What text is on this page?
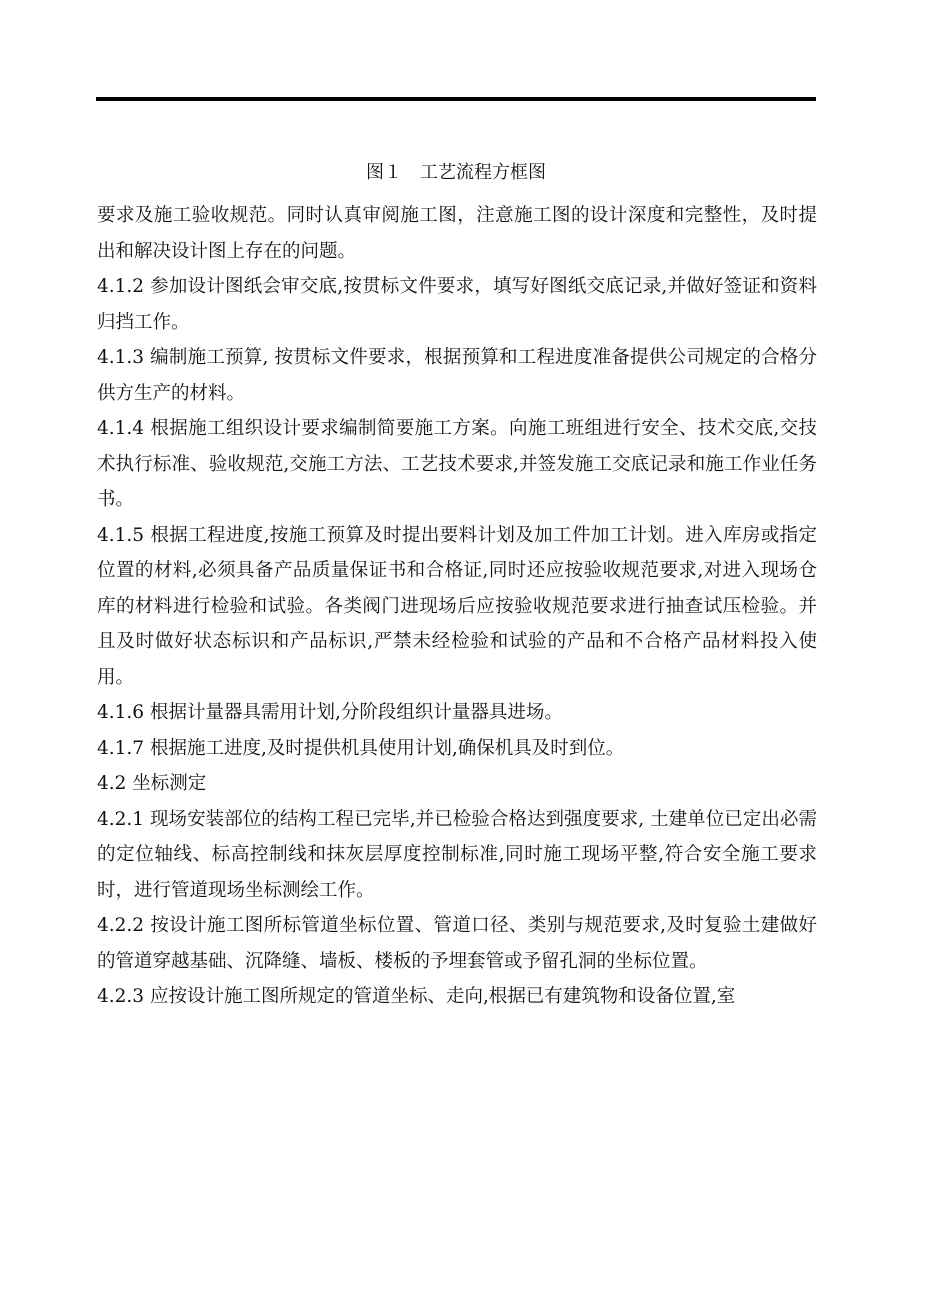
图１　工艺流程方框图

要求及施工验收规范。同时认真审阅施工图，注意施工图的设计深度和完整性，及时提出和解决设计图上存在的问题。

4.1.2 参加设计图纸会审交底,按贯标文件要求，填写好图纸交底记录,并做好签证和资料归挡工作。

4.1.3 编制施工预算, 按贯标文件要求，根据预算和工程进度准备提供公司规定的合格分供方生产的材料。

4.1.4 根据施工组织设计要求编制简要施工方案。向施工班组进行安全、技术交底,交技术执行标准、验收规范,交施工方法、工艺技术要求,并签发施工交底记录和施工作业任务书。

4.1.5 根据工程进度,按施工预算及时提出要料计划及加工件加工计划。进入库房或指定位置的材料,必须具备产品质量保证书和合格证,同时还应按验收规范要求,对进入现场仓库的材料进行检验和试验。各类阀门进现场后应按验收规范要求进行抽查试压检验。并且及时做好状态标识和产品标识,严禁未经检验和试验的产品和不合格产品材料投入使用。

4.1.6 根据计量器具需用计划,分阶段组织计量器具进场。

4.1.7 根据施工进度,及时提供机具使用计划,确保机具及时到位。

4.2 坐标测定

4.2.1 现场安装部位的结构工程已完毕,并已检验合格达到强度要求, 土建单位已定出必需的定位轴线、标高控制线和抹灰层厚度控制标准,同时施工现场平整,符合安全施工要求时，进行管道现场坐标测绘工作。

4.2.2 按设计施工图所标管道坐标位置、管道口径、类别与规范要求,及时复验土建做好的管道穿越基础、沉降缝、墙板、楼板的予埋套管或予留孔洞的坐标位置。

4.2.3 应按设计施工图所规定的管道坐标、走向,根据已有建筑物和设备位置,室
